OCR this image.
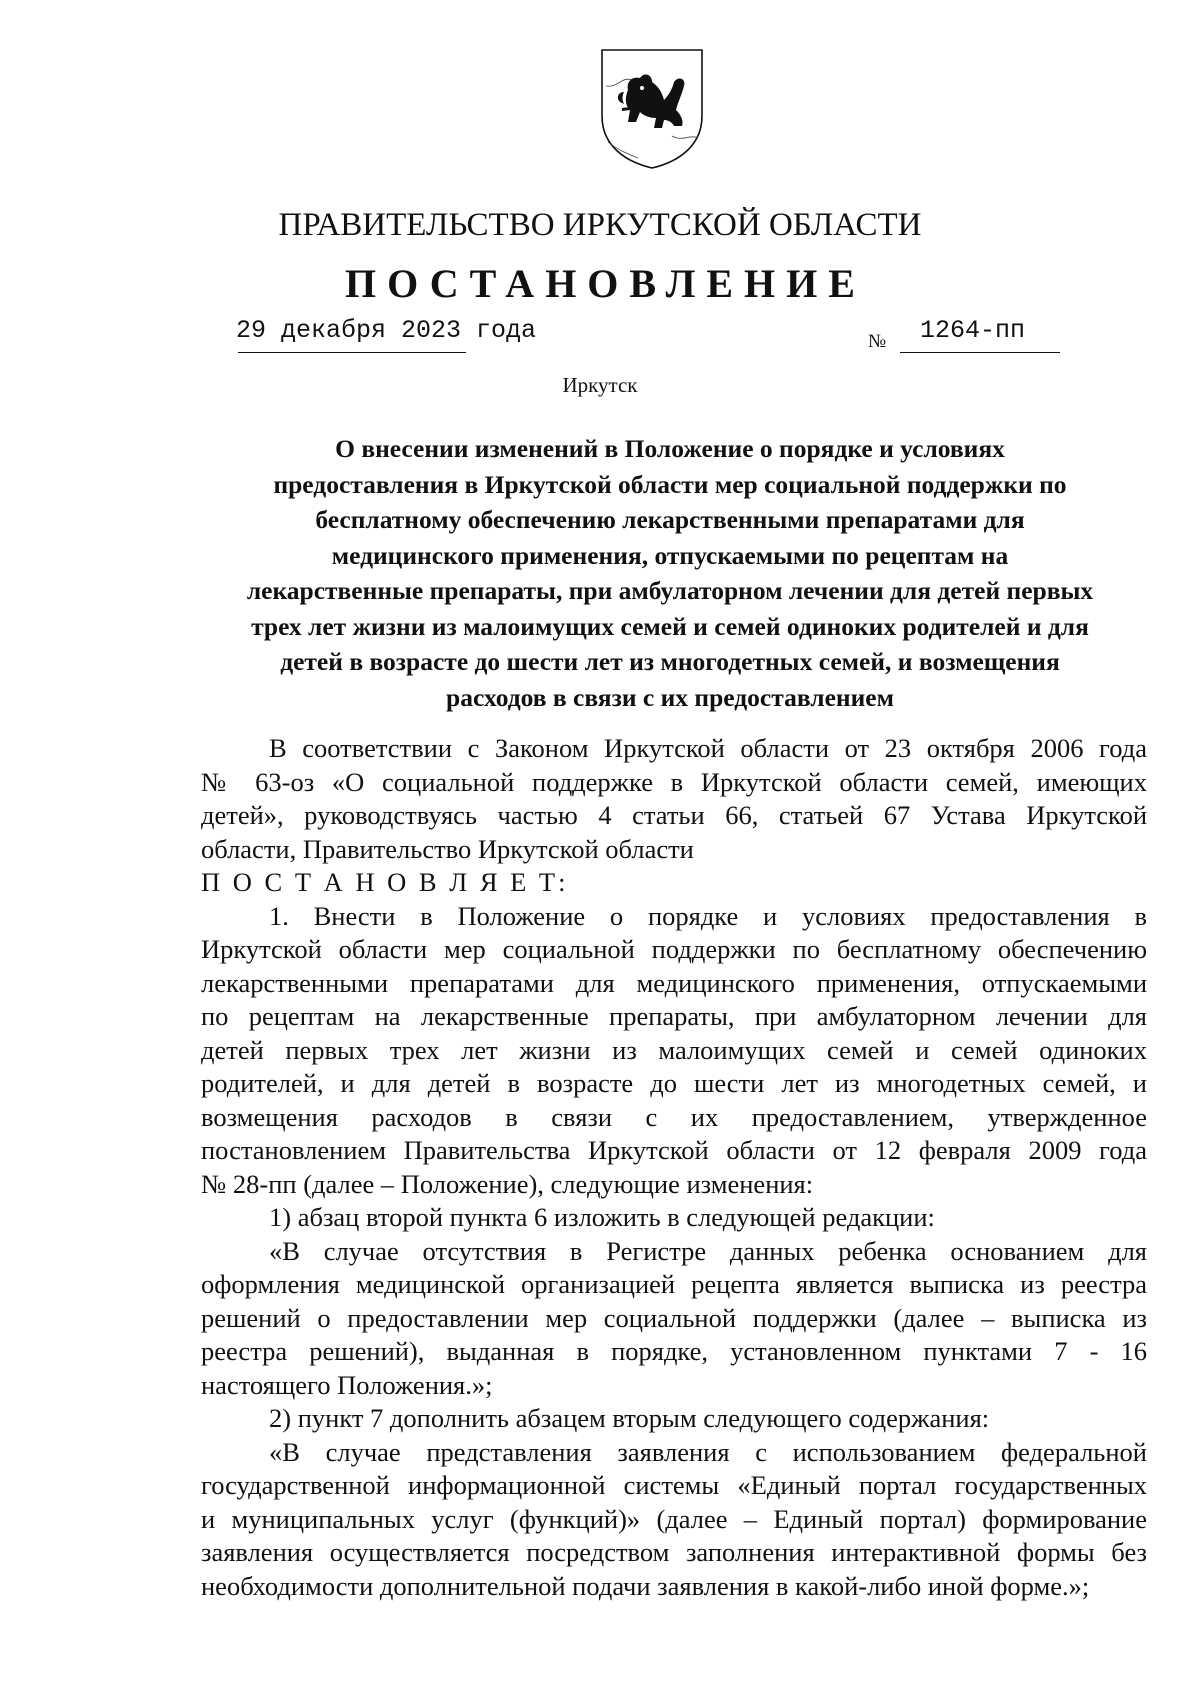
ПРАВИТЕЛЬСТВО ИРКУТСКОЙ ОБЛАСТИ
ПОСТАНОВЛЕНИЕ
29 декабря 2023 года	№ 1264-пп
Иркутск
О внесении изменений в Положение о порядке и условиях
предоставления в Иркутской области мер социальной поддержки по
бесплатному обеспечению лекарственными препаратами для
медицинского применения, отпускаемыми по рецептам на
лекарственные препараты, при амбулаторном лечении для детей первых
трех лет жизни из малоимущих семей и семей одиноких родителей и для
детей в возрасте до шести лет из многодетных семей, и возмещения
расходов в связи с их предоставлением
В соответствии с Законом Иркутской области от 23 октября 2006 года
№ 63-оз «О социальной поддержке в Иркутской области семей, имеющих
детей», руководствуясь частью 4 статьи 66, статьей 67 Устава Иркутской
области, Правительство Иркутской области
П О С Т А Н О В Л Я Е Т:
1. Внести в Положение о порядке и условиях предоставления в
Иркутской области мер социальной поддержки по бесплатному обеспечению
лекарственными препаратами для медицинского применения, отпускаемыми
по рецептам на лекарственные препараты, при амбулаторном лечении для
детей первых трех лет жизни из малоимущих семей и семей одиноких
родителей, и для детей в возрасте до шести лет из многодетных семей, и
возмещения расходов в связи с их предоставлением, утвержденное
постановлением Правительства Иркутской области от 12 февраля 2009 года
№ 28-пп (далее – Положение), следующие изменения:
1) абзац второй пункта 6 изложить в следующей редакции:
«В случае отсутствия в Регистре данных ребенка основанием для
оформления медицинской организацией рецепта является выписка из реестра
решений о предоставлении мер социальной поддержки (далее – выписка из
реестра решений), выданная в порядке, установленном пунктами 7 - 16
настоящего Положения.»;
2) пункт 7 дополнить абзацем вторым следующего содержания:
«В случае представления заявления с использованием федеральной
государственной информационной системы «Единый портал государственных
и муниципальных услуг (функций)» (далее – Единый портал) формирование
заявления осуществляется посредством заполнения интерактивной формы без
необходимости дополнительной подачи заявления в какой-либо иной форме.»;
